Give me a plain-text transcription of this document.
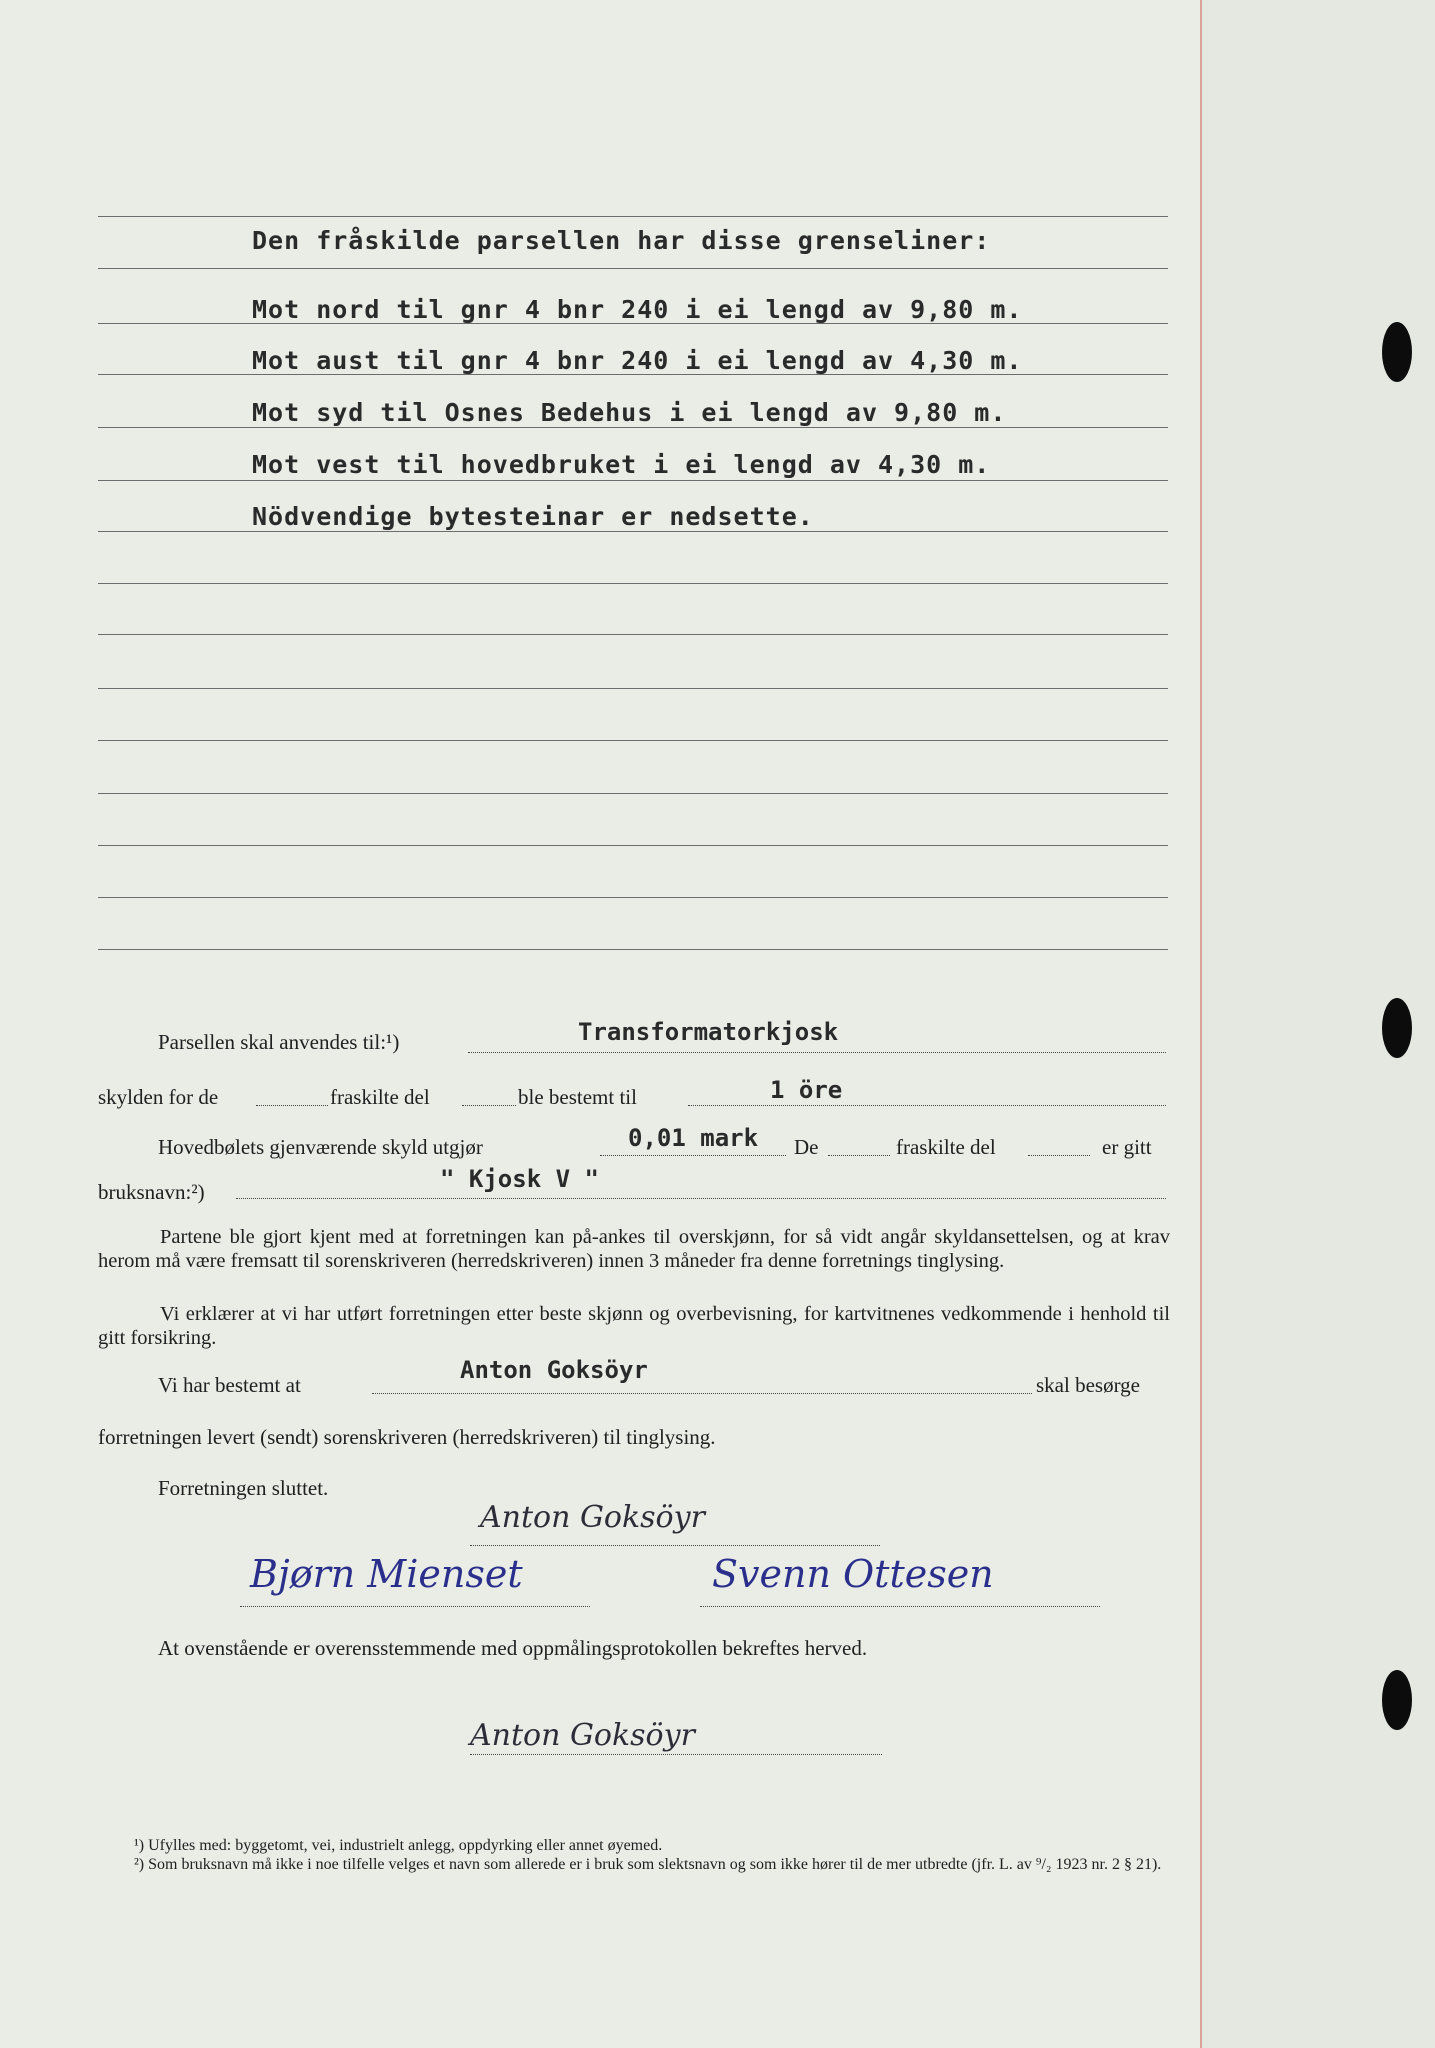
Den fråskilde parsellen har disse grenseliner:
Mot nord til gnr 4 bnr 240 i ei lengd av 9,80 m.
Mot aust til gnr 4 bnr 240 i ei lengd av 4,30 m.
Mot syd til Osnes Bedehus i ei lengd av 9,80 m.
Mot vest til hovedbruket i ei lengd av 4,30 m.
Nödvendige bytesteinar er nedsette.
Parsellen skal anvendes til:¹)	Transformatorkjosk
skylden for de	fraskilte del	ble bestemt til	1 öre
Hovedbølets gjenværende skyld utgjør	0,01 mark De	fraskilte del	er gitt
bruksnavn:²)	" Kjosk V "

Partene ble gjort kjent med at forretningen kan på-ankes til overskjønn, for så vidt angår skyldansettelsen, og at krav herom må være fremsatt til sorenskriveren (herredskriveren) innen 3 måneder fra denne forretnings tinglysing.

Vi erklærer at vi har utført forretningen etter beste skjønn og overbevisning, for kartvitnenes vedkommende i henhold til gitt forsikring.

Vi har bestemt at
Anton Goksöyr
skal besørge
forretningen levert (sendt) sorenskriveren (herredskriveren) til tinglysing.
Forretningen sluttet.
Anton Goksöyr
Bjørn Mienset	Svenn Ottesen
At ovenstående er overensstemmende med oppmålingsprotokollen bekreftes herved.
Anton Goksöyr
¹) Ufylles med: byggetomt, vei, industrielt anlegg, oppdyrking eller annet øyemed.
²) Som bruksnavn må ikke i noe tilfelle velges et navn som allerede er i bruk som slektsnavn og som ikke hører til de mer utbredte (jfr. L. av ⁹/₂ 1923 nr. 2 § 21).
